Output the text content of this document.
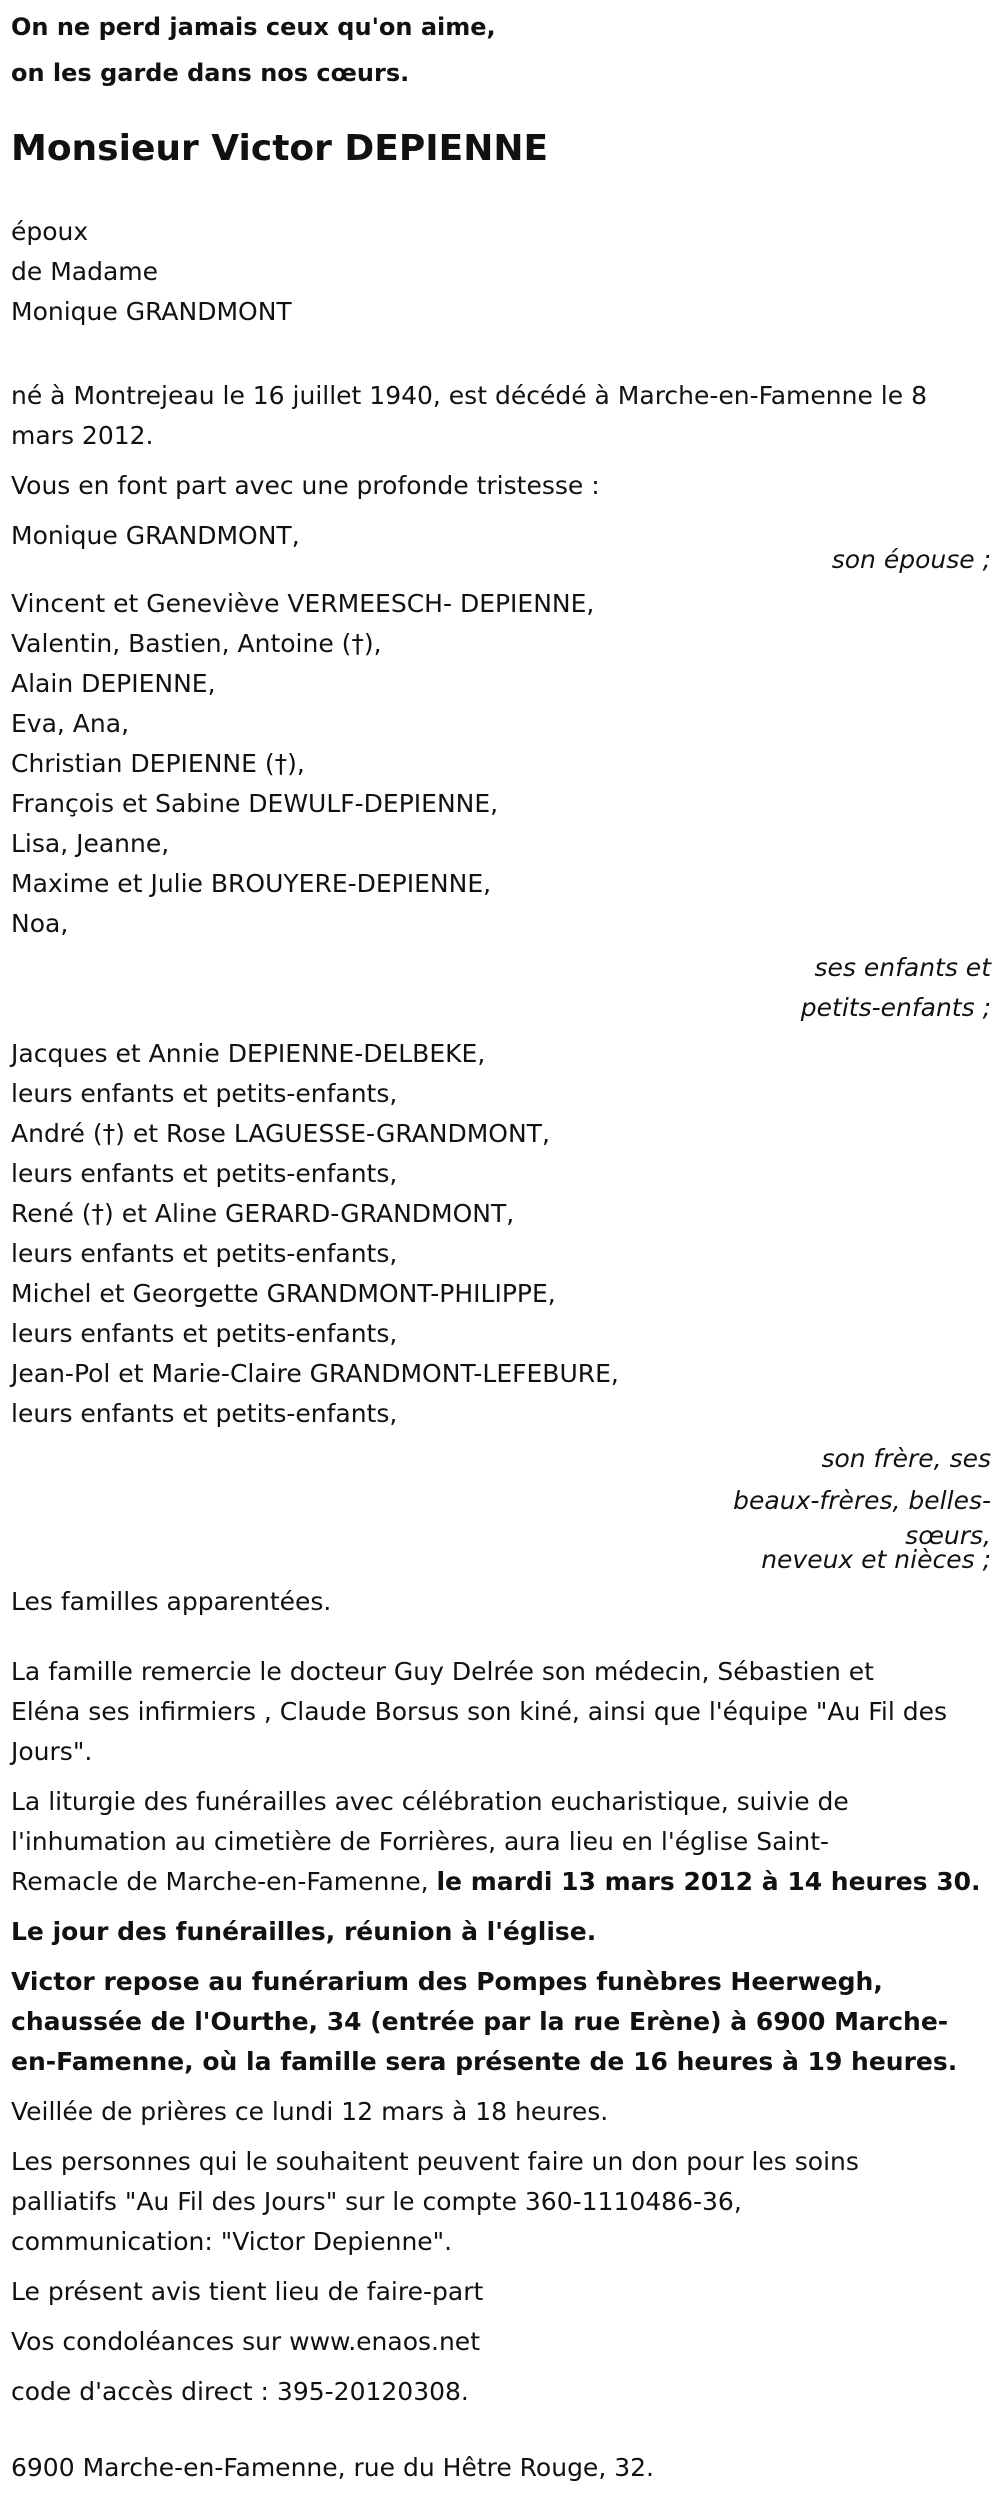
On ne perd jamais ceux qu'on aime,
on les garde dans nos cœurs.
Monsieur Victor DEPIENNE
époux
de Madame
Monique GRANDMONT
né à Montrejeau le 16 juillet 1940, est décédé à Marche-en-Famenne le 8
mars 2012.
Vous en font part avec une profonde tristesse :
Monique GRANDMONT,
son épouse ;
Vincent et Geneviève VERMEESCH- DEPIENNE,
Valentin, Bastien, Antoine (†),
Alain DEPIENNE,
Eva, Ana,
Christian DEPIENNE (†),
François et Sabine DEWULF-DEPIENNE,
Lisa, Jeanne,
Maxime et Julie BROUYERE-DEPIENNE,
Noa,
ses enfants et
petits-enfants ;
Jacques et Annie DEPIENNE-DELBEKE,
leurs enfants et petits-enfants,
André (†) et Rose LAGUESSE-GRANDMONT,
leurs enfants et petits-enfants,
René (†) et Aline GERARD-GRANDMONT,
leurs enfants et petits-enfants,
Michel et Georgette GRANDMONT-PHILIPPE,
leurs enfants et petits-enfants,
Jean-Pol et Marie-Claire GRANDMONT-LEFEBURE,
leurs enfants et petits-enfants,
son frère, ses
beaux-frères, belles-
sœurs,
neveux et nièces ;
Les familles apparentées.
La famille remercie le docteur Guy Delrée son médecin, Sébastien et
Eléna ses infirmiers , Claude Borsus son kiné, ainsi que l'équipe "Au Fil des
Jours".
La liturgie des funérailles avec célébration eucharistique, suivie de
l'inhumation au cimetière de Forrières, aura lieu en l'église Saint-
Remacle de Marche-en-Famenne, le mardi 13 mars 2012 à 14 heures 30.
Le jour des funérailles, réunion à l'église.
Victor repose au funérarium des Pompes funèbres Heerwegh,
chaussée de l'Ourthe, 34 (entrée par la rue Erène) à 6900 Marche-
en-Famenne, où la famille sera présente de 16 heures à 19 heures.
Veillée de prières ce lundi 12 mars à 18 heures.
Les personnes qui le souhaitent peuvent faire un don pour les soins
palliatifs "Au Fil des Jours" sur le compte 360-1110486-36,
communication: "Victor Depienne".
Le présent avis tient lieu de faire-part
Vos condoléances sur www.enaos.net
code d'accès direct : 395-20120308.
6900 Marche-en-Famenne, rue du Hêtre Rouge, 32.
